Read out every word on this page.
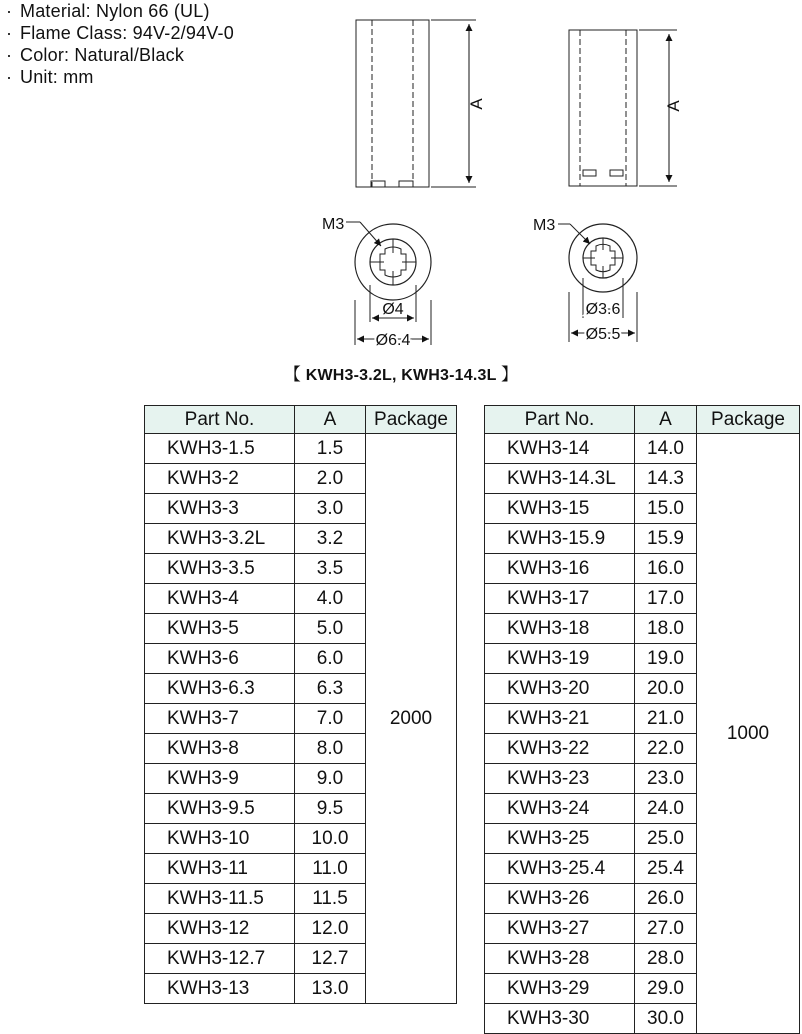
· Material: Nylon 66 (UL)
· Flame Class: 94V-2/94V-0
· Color: Natural/Black
· Unit: mm
A	A
M3
Ø4
Ø6.4
M3
Ø3.6
Ø5.5
【 KWH3-3.2L, KWH3-14.3L 】
Part No.	A	Package
KWH3-1.5	1.5	2000
KWH3-2	2.0	
KWH3-3	3.0	
KWH3-3.2L	3.2	
KWH3-3.5	3.5	
KWH3-4	4.0	
KWH3-5	5.0	
KWH3-6	6.0	
KWH3-6.3	6.3	
KWH3-7	7.0	
KWH3-8	8.0	
KWH3-9	9.0	
KWH3-9.5	9.5	
KWH3-10	10.0	
KWH3-11	11.0	
KWH3-11.5	11.5	
KWH3-12	12.0	
KWH3-12.7	12.7	
KWH3-13	13.0	
Part No.	A	Package
KWH3-14	14.0	1000
KWH3-14.3L	14.3	
KWH3-15	15.0	
KWH3-15.9	15.9	
KWH3-16	16.0	
KWH3-17	17.0	
KWH3-18	18.0	
KWH3-19	19.0	
KWH3-20	20.0	
KWH3-21	21.0	
KWH3-22	22.0	
KWH3-23	23.0	
KWH3-24	24.0	
KWH3-25	25.0	
KWH3-25.4	25.4	
KWH3-26	26.0	
KWH3-27	27.0	
KWH3-28	28.0	
KWH3-29	29.0	
KWH3-30	30.0	
